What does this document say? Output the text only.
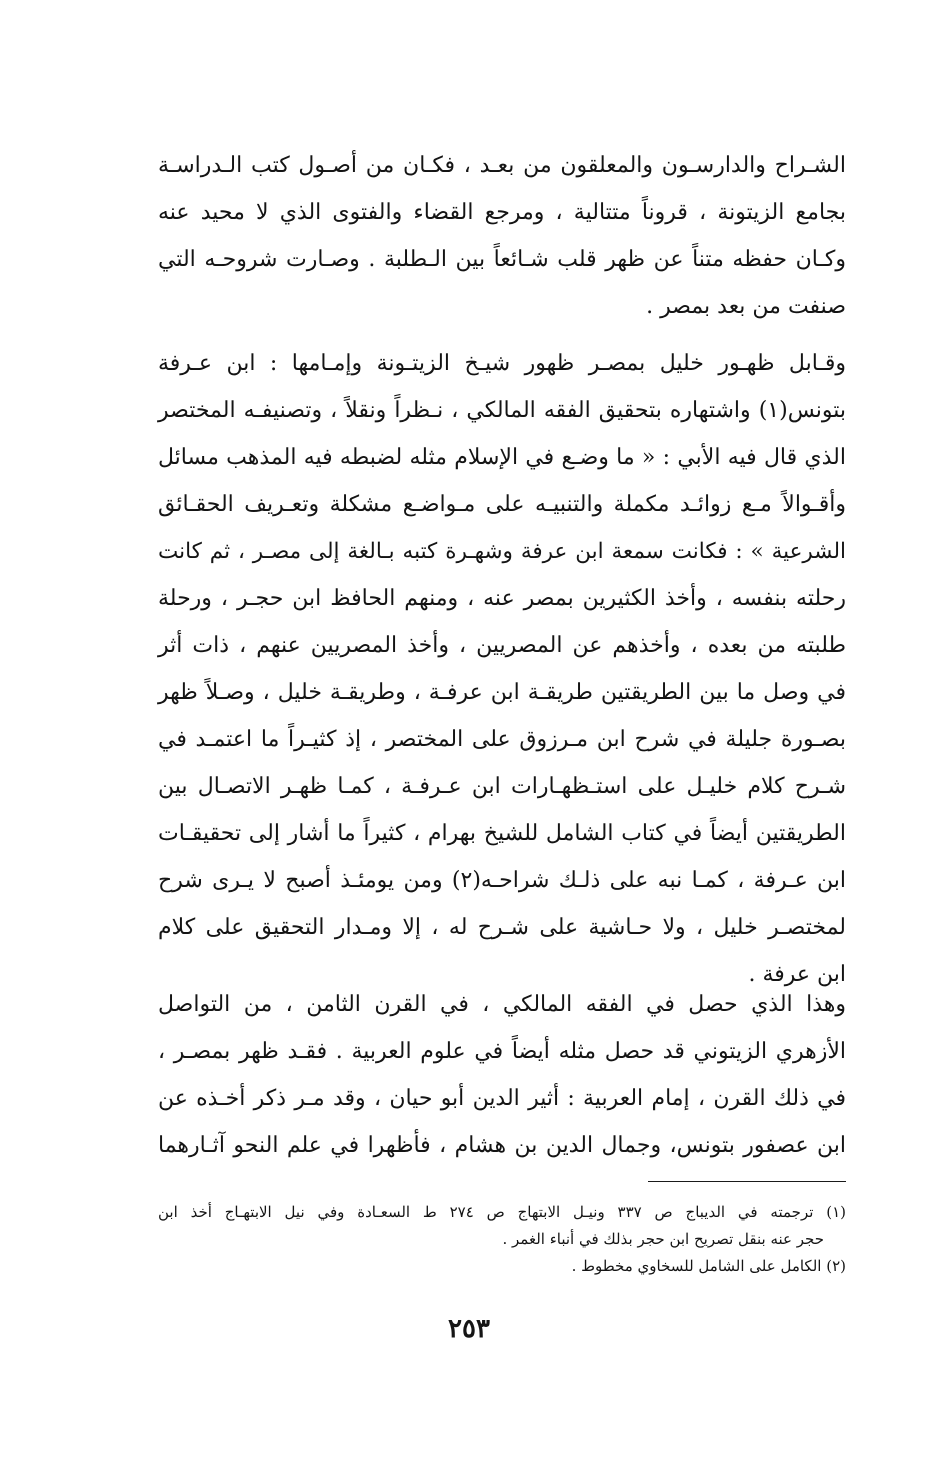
الشـراح والدارسـون والمعلقون من بعـد ، فكـان من أصـول كتب الـدراسـة
بجامع الزيتونة ، قروناً متتالية ، ومرجع القضاء والفتوى الذي لا محيد عنه
وكـان حفظه متناً عن ظهر قلب شـائعاً بين الـطلبة . وصـارت شروحـه التي
صنفت من بعد بمصر .
وقـابل ظهـور خليل بمصـر ظهور شيـخ الزيتـونة وإمـامها : ابن عـرفة
بتونس(١) واشتهاره بتحقيق الفقه المالكي ، نـظراً ونقلاً ، وتصنيفـه المختصر
الذي قال فيه الأبي : « ما وضـع في الإسلام مثله لضبطه فيه المذهب مسائل
وأقـوالاً مـع زوائـد مكملة والتنبيـه على مـواضـع مشكلة وتعـريف الحقـائق
الشرعية » : فكانت سمعة ابن عرفة وشهـرة كتبه بـالغة إلى مصـر ، ثم كانت
رحلته بنفسه ، وأخذ الكثيرين بمصر عنه ، ومنهم الحافظ ابن حجـر ، ورحلة
طلبته من بعده ، وأخذهم عن المصريين ، وأخذ المصريين عنهم ، ذات أثر
في وصل ما بين الطريقتين طريقـة ابن عرفـة ، وطريقـة خليل ، وصـلاً ظهر
بصـورة جليلة في شرح ابن مـرزوق على المختصر ، إذ كثيـراً ما اعتمـد في
شـرح كلام خليـل على استـظهـارات ابن عـرفـة ، كمـا ظهـر الاتصـال بين
الطريقتين أيضاً في كتاب الشامل للشيخ بهرام ، كثيراً ما أشار إلى تحقيقـات
ابن عـرفة ، كمـا نبه على ذلـك شراحـه(٢) ومن يومئـذ أصبح لا يـرى شرح
لمختصـر خليل ، ولا حـاشية على شـرح له ، إلا ومـدار التحقيق على كلام
ابن عرفة .
وهذا الذي حصل في الفقه المالكي ، في القرن الثامن ، من التواصل
الأزهري الزيتوني قد حصل مثله أيضاً في علوم العربية . فقـد ظهر بمصـر ،
في ذلك القرن ، إمام العربية : أثير الدين أبو حيان ، وقد مـر ذكر أخـذه عن
ابن عصفور بتونس، وجمال الدين بن هشام ، فأظهرا في علم النحو آثـارهما
(١) ترجمته في الديباج ص ٣٣٧ ونيـل الابتهاج ص ٢٧٤ ط السعـادة وفي نيل الابتهـاج أخذ ابن
حجر عنه بنقل تصريح ابن حجر بذلك في أنباء الغمر .
(٢) الكامل على الشامل للسخاوي مخطوط .
٢٥٣
